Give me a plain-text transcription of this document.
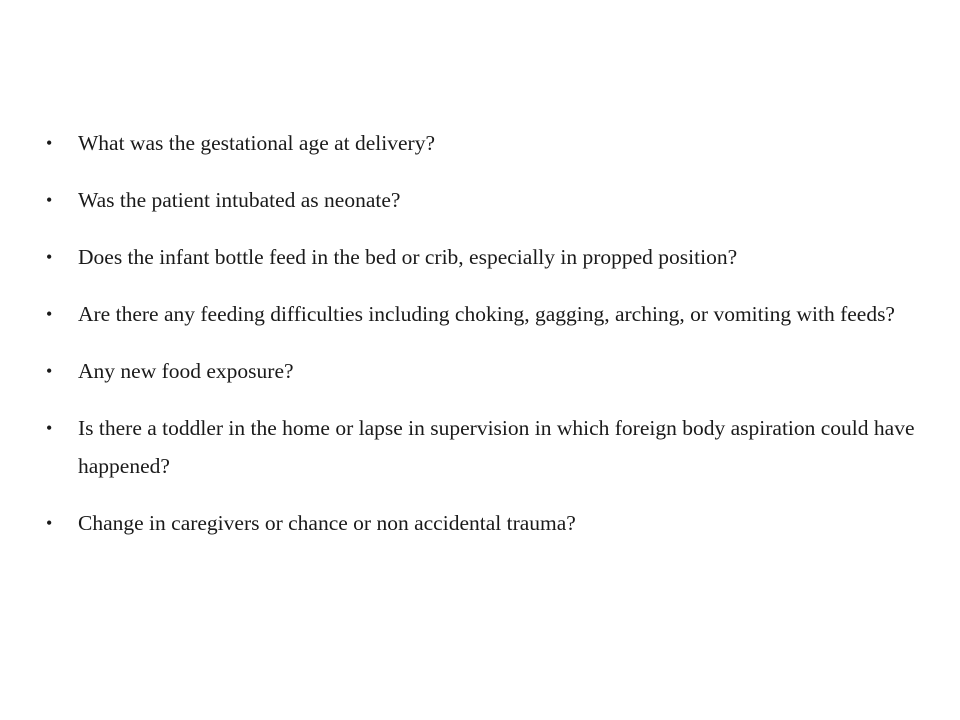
•	What was the gestational age at delivery?
•	Was the patient intubated as neonate?
•	Does the infant bottle feed in the bed or crib, especially in propped position?
•	Are there any feeding difficulties including choking, gagging, arching, or vomiting with feeds?
•	Any new food exposure?
•	Is there a toddler in the home or lapse in supervision in which foreign body aspiration could have happened?
•	Change in caregivers or chance or non accidental trauma?
